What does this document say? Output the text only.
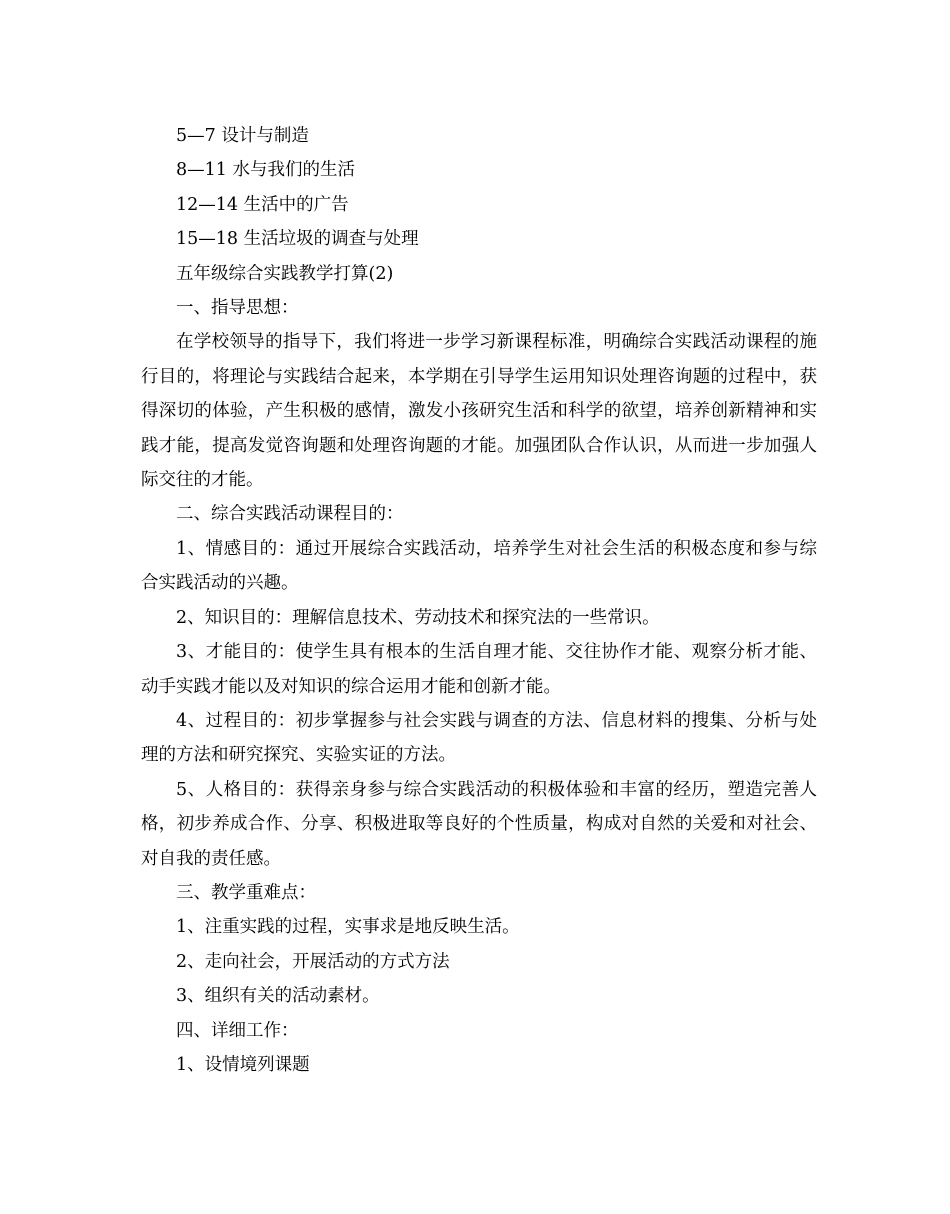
5—7 设计与制造
8—11 水与我们的生活
12—14 生活中的广告
15—18 生活垃圾的调查与处理
五年级综合实践教学打算(2)
一、指导思想：

在学校领导的指导下，我们将进一步学习新课程标准，明确综合实践活动课程的施行目的，将理论与实践结合起来，本学期在引导学生运用知识处理咨询题的过程中，获得深切的体验，产生积极的感情，激发小孩研究生活和科学的欲望，培养创新精神和实践才能，提高发觉咨询题和处理咨询题的才能。加强团队合作认识，从而进一步加强人际交往的才能。

二、综合实践活动课程目的：

1、情感目的：通过开展综合实践活动，培养学生对社会生活的积极态度和参与综合实践活动的兴趣。

2、知识目的：理解信息技术、劳动技术和探究法的一些常识。

3、才能目的：使学生具有根本的生活自理才能、交往协作才能、观察分析才能、动手实践才能以及对知识的综合运用才能和创新才能。

4、过程目的：初步掌握参与社会实践与调查的方法、信息材料的搜集、分析与处理的方法和研究探究、实验实证的方法。

5、人格目的：获得亲身参与综合实践活动的积极体验和丰富的经历，塑造完善人格，初步养成合作、分享、积极进取等良好的个性质量，构成对自然的关爱和对社会、对自我的责任感。

三、教学重难点：
1、注重实践的过程，实事求是地反映生活。
2、走向社会，开展活动的方式方法
3、组织有关的活动素材。
四、详细工作：
1、设情境列课题
